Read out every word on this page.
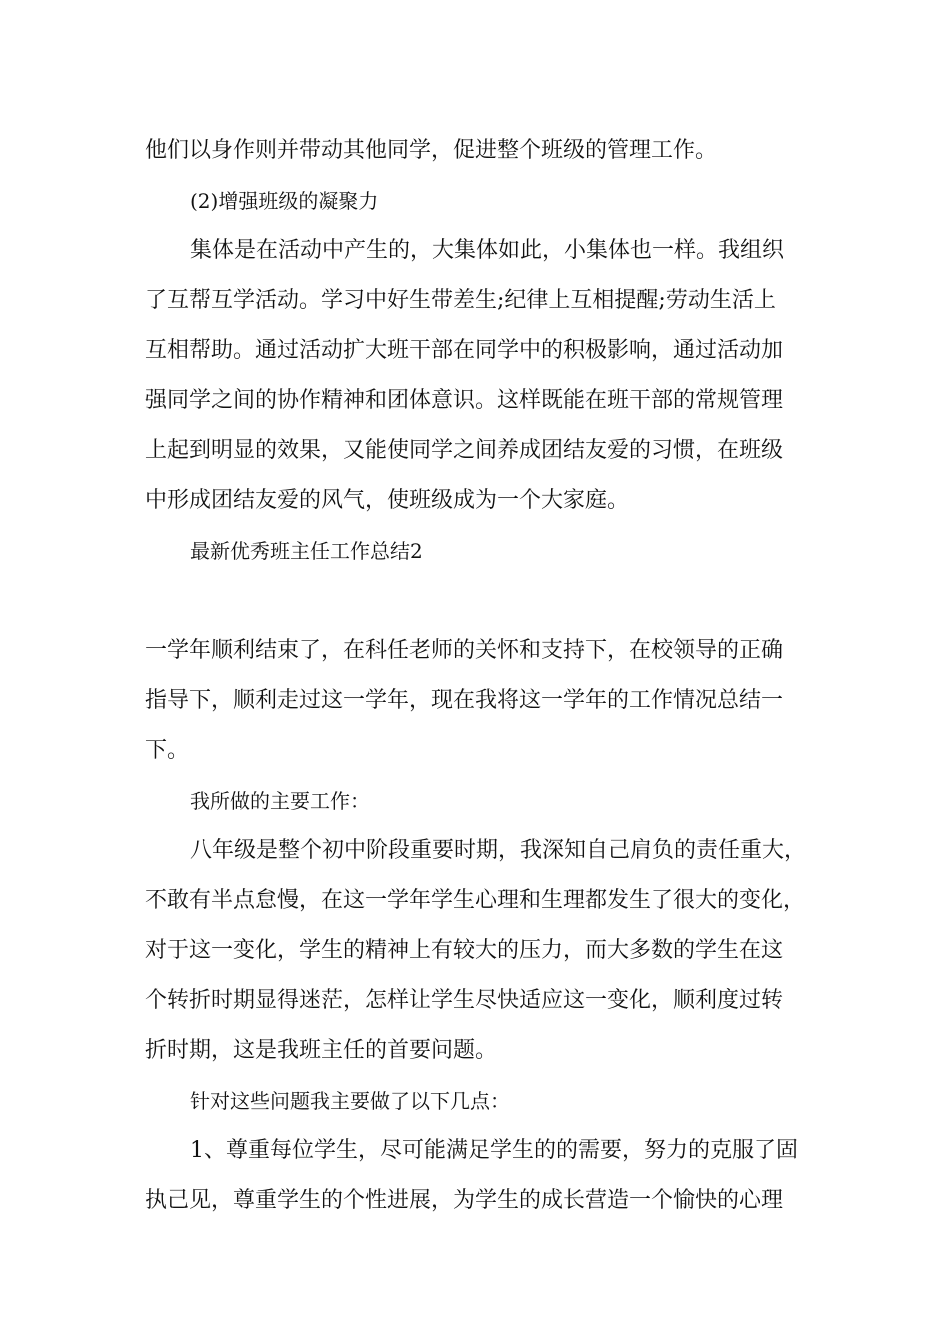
他们以身作则并带动其他同学，促进整个班级的管理工作。
(2)增强班级的凝聚力
集体是在活动中产生的，大集体如此，小集体也一样。我组织
了互帮互学活动。学习中好生带差生;纪律上互相提醒;劳动生活上
互相帮助。通过活动扩大班干部在同学中的积极影响，通过活动加
强同学之间的协作精神和团体意识。这样既能在班干部的常规管理
上起到明显的效果，又能使同学之间养成团结友爱的习惯，在班级
中形成团结友爱的风气，使班级成为一个大家庭。
最新优秀班主任工作总结2
一学年顺利结束了，在科任老师的关怀和支持下，在校领导的正确
指导下，顺利走过这一学年，现在我将这一学年的工作情况总结一
下。
我所做的主要工作：
八年级是整个初中阶段重要时期，我深知自己肩负的责任重大，
不敢有半点怠慢，在这一学年学生心理和生理都发生了很大的变化，
对于这一变化，学生的精神上有较大的压力，而大多数的学生在这
个转折时期显得迷茫，怎样让学生尽快适应这一变化，顺利度过转
折时期，这是我班主任的首要问题。
针对这些问题我主要做了以下几点：
1、尊重每位学生，尽可能满足学生的的需要，努力的克服了固
执己见，尊重学生的个性进展，为学生的成长营造一个愉快的心理
